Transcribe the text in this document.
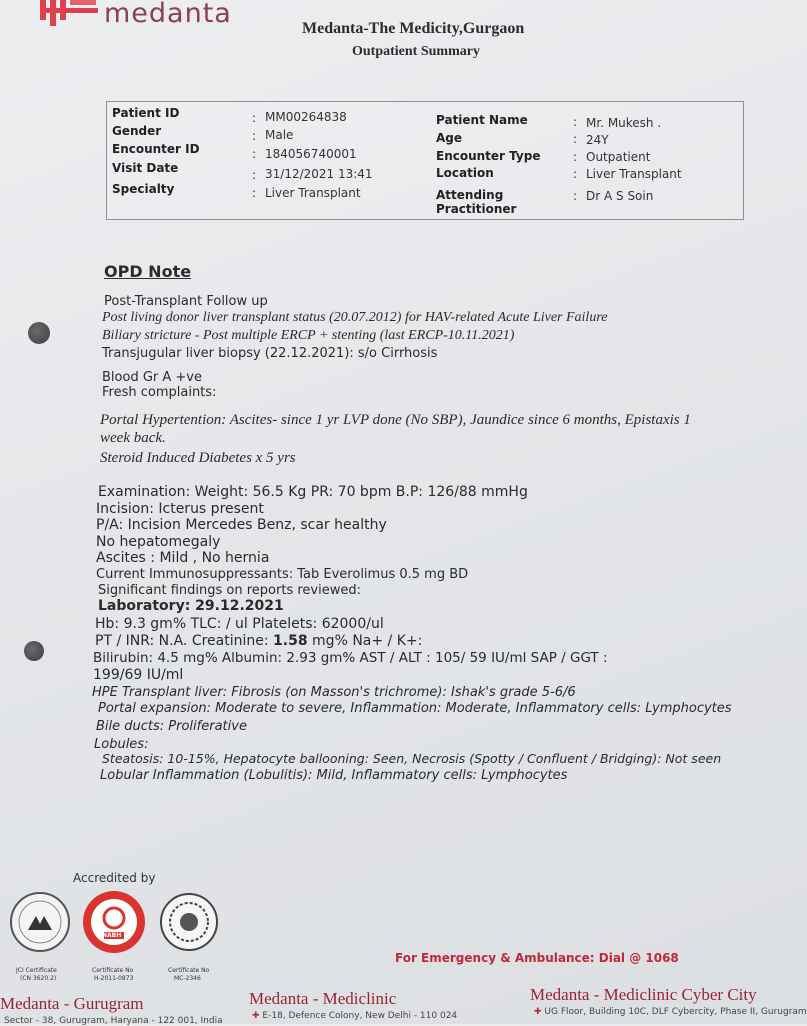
medanta	Medanta-The Medicity,Gurgaon
Outpatient Summary
Patient ID
Gender
Encounter ID
Visit Date
Specialty
:
:
:
:
:
MM00264838
Male
184056740001
31/12/2021 13:41
Liver Transplant
Patient Name
Age
Encounter Type
Location
Attending
Practitioner
:
:
:
:
:
Mr. Mukesh .
24Y
Outpatient
Liver Transplant
Dr A S Soin
OPD Note
Post-Transplant Follow up
Post living donor liver transplant status (20.07.2012) for HAV-related Acute Liver Failure
Biliary stricture - Post multiple ERCP + stenting (last ERCP-10.11.2021)
Transjugular liver biopsy (22.12.2021): s/o Cirrhosis
Blood Gr A +ve
Fresh complaints:
Portal Hypertention: Ascites- since 1 yr LVP done (No SBP), Jaundice since 6 months, Epistaxis 1
week back.
Steroid Induced Diabetes x 5 yrs
Examination: Weight: 56.5 Kg PR: 70 bpm B.P: 126/88 mmHg
Incision: Icterus present
P/A: Incision Mercedes Benz, scar healthy
No hepatomegaly
Ascites : Mild , No hernia
Current Immunosuppressants: Tab Everolimus 0.5 mg BD
Significant findings on reports reviewed:
Laboratory: 29.12.2021
Hb: 9.3 gm% TLC: / ul Platelets: 62000/ul
PT / INR: N.A. Creatinine: 1.58 mg% Na+ / K+:
Bilirubin: 4.5 mg% Albumin: 2.93 gm% AST / ALT : 105/ 59 IU/ml SAP / GGT :
199/69 IU/ml
HPE Transplant liver: Fibrosis (on Masson's trichrome): Ishak's grade 5-6/6
Portal expansion: Moderate to severe, Inflammation: Moderate, Inflammatory cells: Lymphocytes
Bile ducts: Proliferative
Lobules:
Steatosis: 10-15%, Hepatocyte ballooning: Seen, Necrosis (Spotty / Confluent / Bridging): Not seen
Lobular Inflammation (Lobulitis): Mild, Inflammatory cells: Lymphocytes
Accredited by
JCI Certificate
(CN 3620.2)
NABH
Certificate No
H-2011-0873
Certificate No
MC-2346
For Emergency & Ambulance: Dial @ 1068
Medanta - Gurugram
Sector - 38, Gurugram, Haryana - 122 001, India
Medanta - Mediclinic
✚ E-18, Defence Colony, New Delhi - 110 024
Medanta - Mediclinic Cyber City
✚ UG Floor, Building 10C, DLF Cybercity, Phase II, Gurugram
